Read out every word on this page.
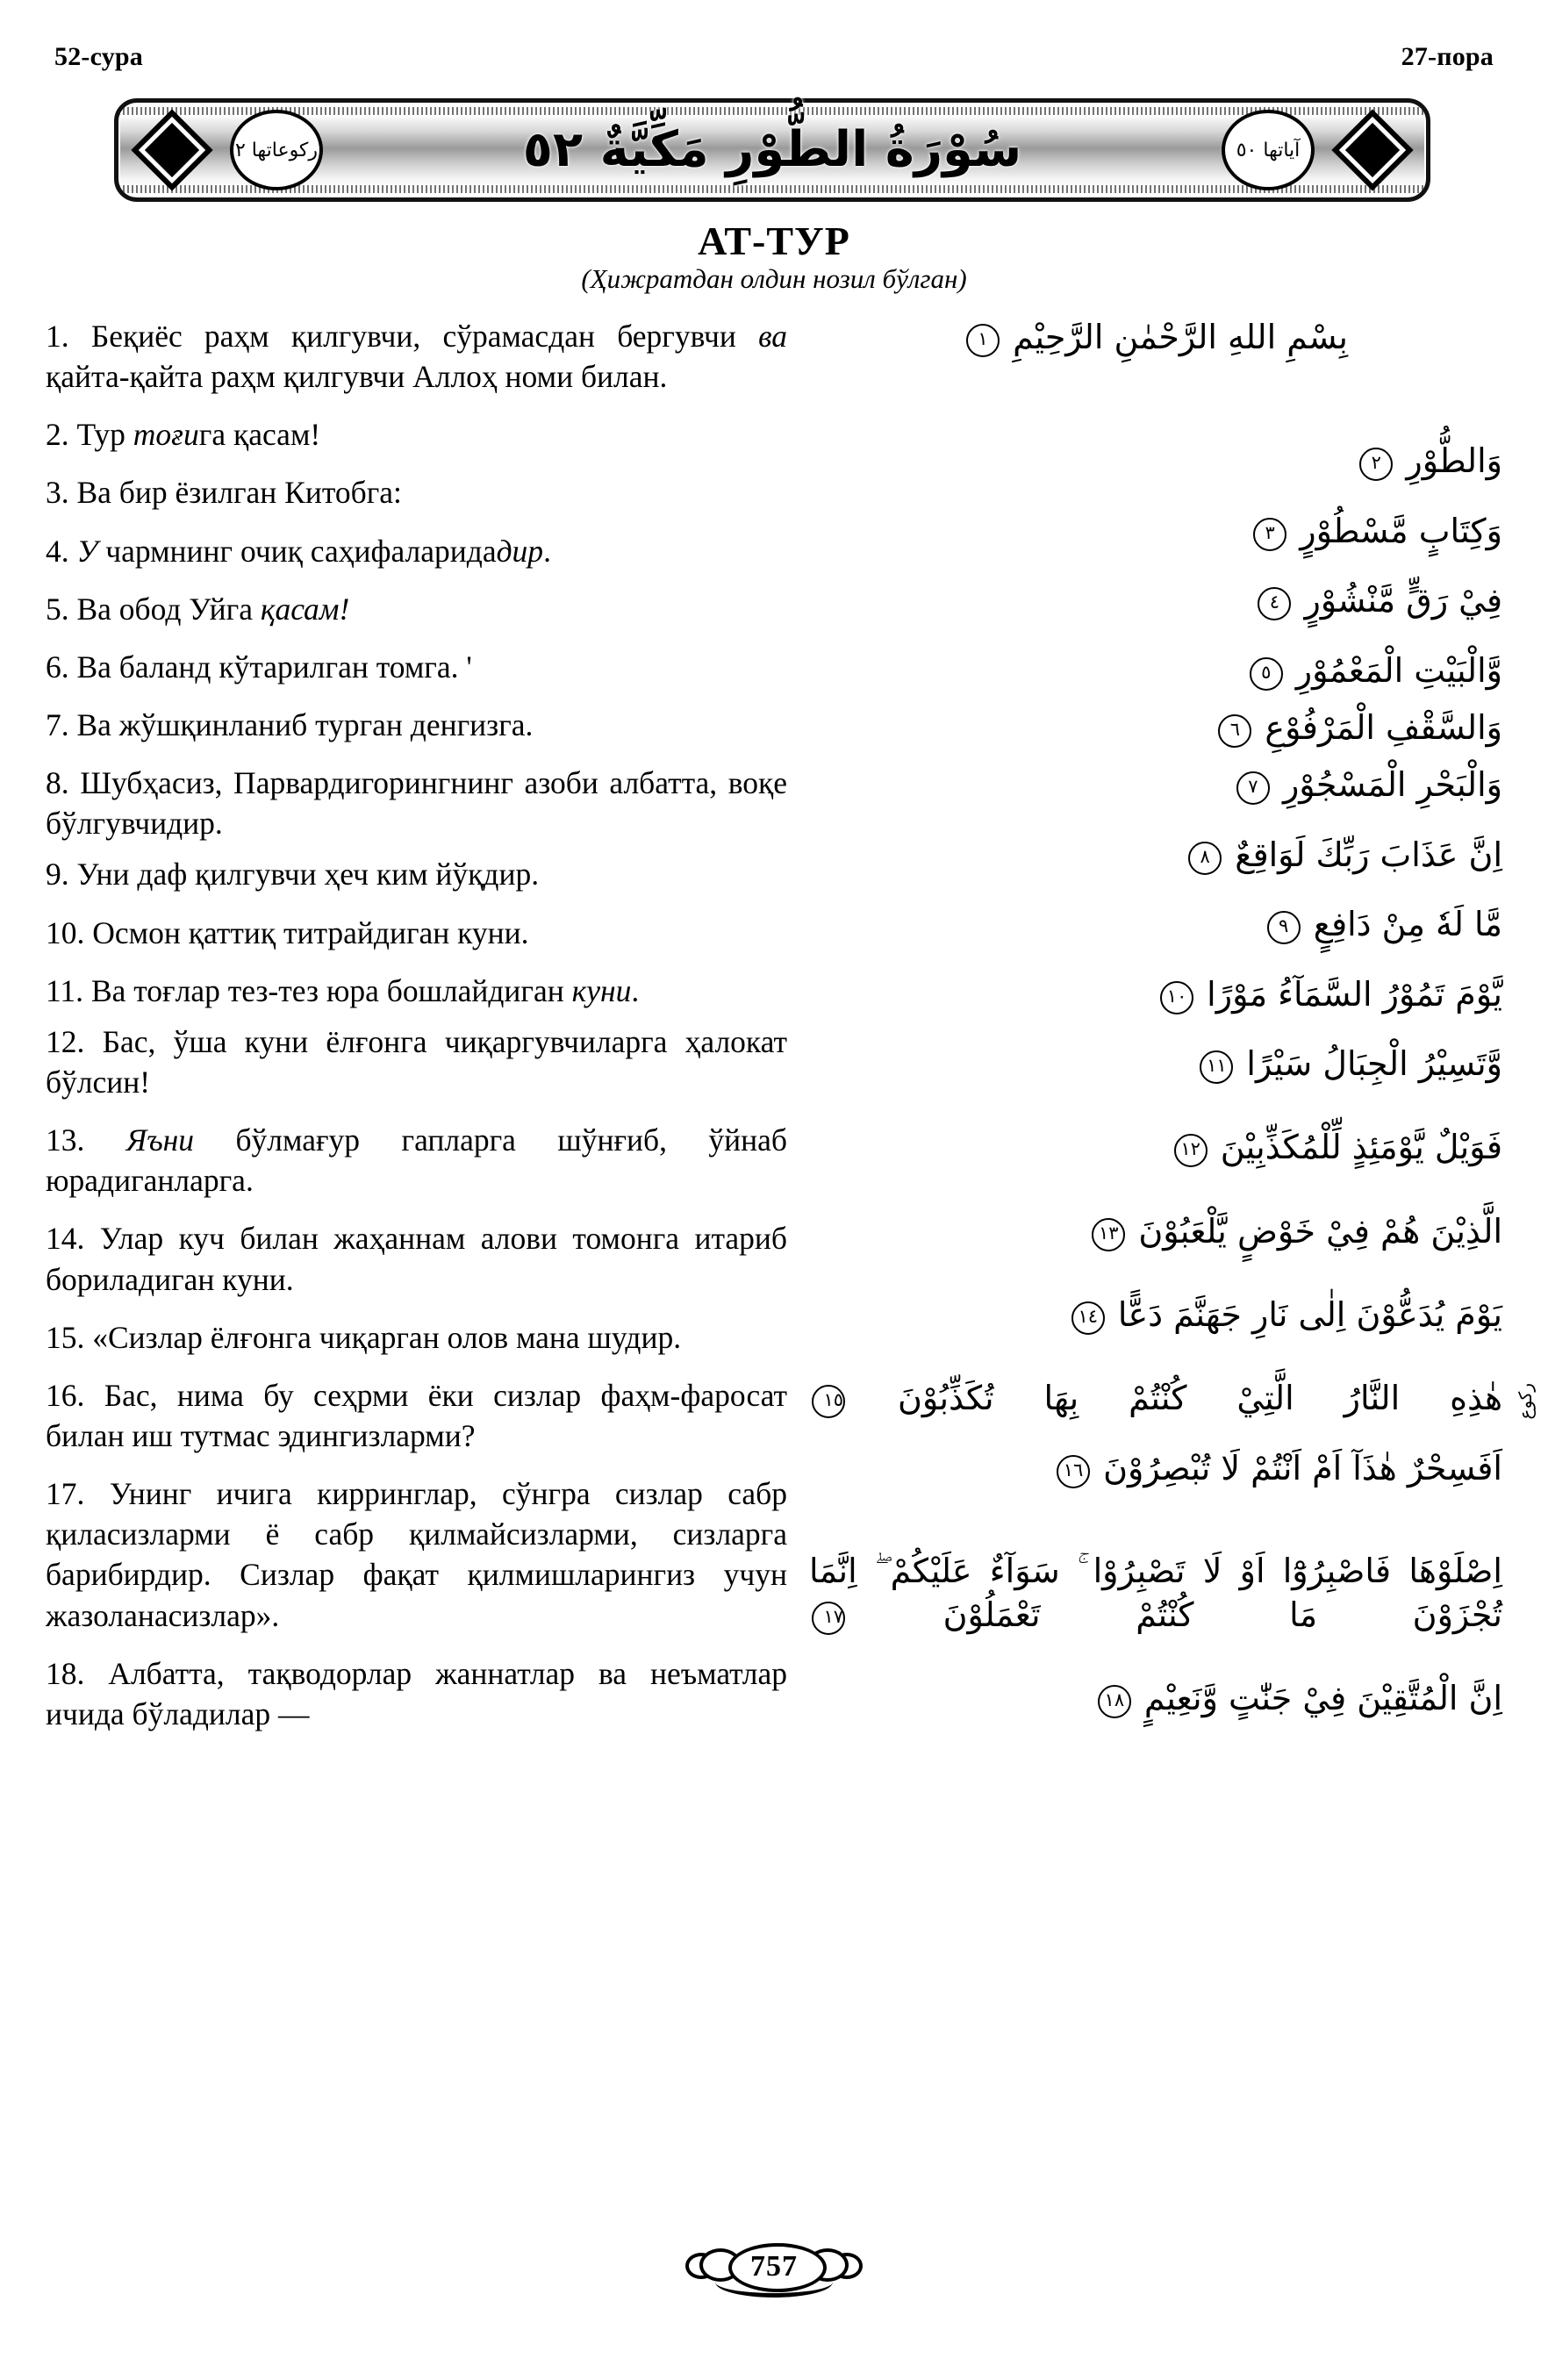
52-сура	27-пора
ركوعاتها ٢	آياتها ٥٠
سُوْرَةُ الطُّوْرِ مَكِّيَّةٌ ٥٢
АТ-ТУР
(Ҳижратдан олдин нозил бўлган)

1. Беқиёс раҳм қилгувчи, сўрамасдан бергувчи ва қайта-қайта раҳм қилгувчи Аллоҳ номи билан.

2. Тур тоғига қасам!

3. Ва бир ёзилган Китобга:

4. У чармнинг очиқ саҳифаларидадир.

5. Ва обод Уйга қасам!

6. Ва баланд кўтарилган томга. '

7. Ва жўшқинланиб турган денгизга.

8. Шубҳасиз, Парвардигорингнинг азоби албатта, воқе бўлгувчидир.

9. Уни даф қилгувчи ҳеч ким йўқдир.

10. Осмон қаттиқ титрайдиган куни.

11. Ва тоғлар тез-тез юра бошлайдиган куни.

12. Бас, ўша куни ёлғонга чиқаргувчиларга ҳалокат бўлсин!

13. Яъни бўлмағур гапларга шўнғиб, ўйнаб юрадиганларга.

14. Улар куч билан жаҳаннам алови томонга итариб бориладиган куни.

15. «Сизлар ёлғонга чиқарган олов мана шудир.

16. Бас, нима бу сеҳрми ёки сизлар фаҳм-фаросат билан иш тутмас эдингизларми?

17. Унинг ичига кирринглар, сўнгра сизлар сабр қиласизларми ё сабр қилмайсизларми, сизларга барибирдир. Сизлар фақат қилмишларингиз учун жазоланасизлар».

18. Албатта, тақводорлар жаннатлар ва неъматлар ичида бўладилар —

بِسْمِ اللهِ الرَّحْمٰنِ الرَّحِيْمِ ١
وَالطُّوْرِ ٢
وَكِتَابٍ مَّسْطُوْرٍ ٣
فِيْ رَقٍّ مَّنْشُوْرٍ ٤
وَّالْبَيْتِ الْمَعْمُوْرِ ٥
وَالسَّقْفِ الْمَرْفُوْعِ ٦
وَالْبَحْرِ الْمَسْجُوْرِ ٧
اِنَّ عَذَابَ رَبِّكَ لَوَاقِعٌ ٨
مَّا لَهٗ مِنْ دَافِعٍ ٩
يَّوْمَ تَمُوْرُ السَّمَآءُ مَوْرًا ١٠
وَّتَسِيْرُ الْجِبَالُ سَيْرًا ١١
فَوَيْلٌ يَّوْمَئِذٍ لِّلْمُكَذِّبِيْنَ ١٢
الَّذِيْنَ هُمْ فِيْ خَوْضٍ يَّلْعَبُوْنَ ١٣
يَوْمَ يُدَعُّوْنَ اِلٰى نَارِ جَهَنَّمَ دَعًّا ١٤
هٰذِهِ النَّارُ الَّتِيْ كُنْتُمْ بِهَا تُكَذِّبُوْنَ ١٥
اَفَسِحْرٌ هٰذَآ اَمْ اَنْتُمْ لَا تُبْصِرُوْنَ ١٦
اِصْلَوْهَا فَاصْبِرُوْٓا اَوْ لَا تَصْبِرُوْا ۚ سَوَآءٌ عَلَيْكُمْ ۖ اِنَّمَا تُجْزَوْنَ مَا كُنْتُمْ تَعْمَلُوْنَ ١٧
اِنَّ الْمُتَّقِيْنَ فِيْ جَنّٰتٍ وَّنَعِيْمٍ ١٨
ركوع
757
